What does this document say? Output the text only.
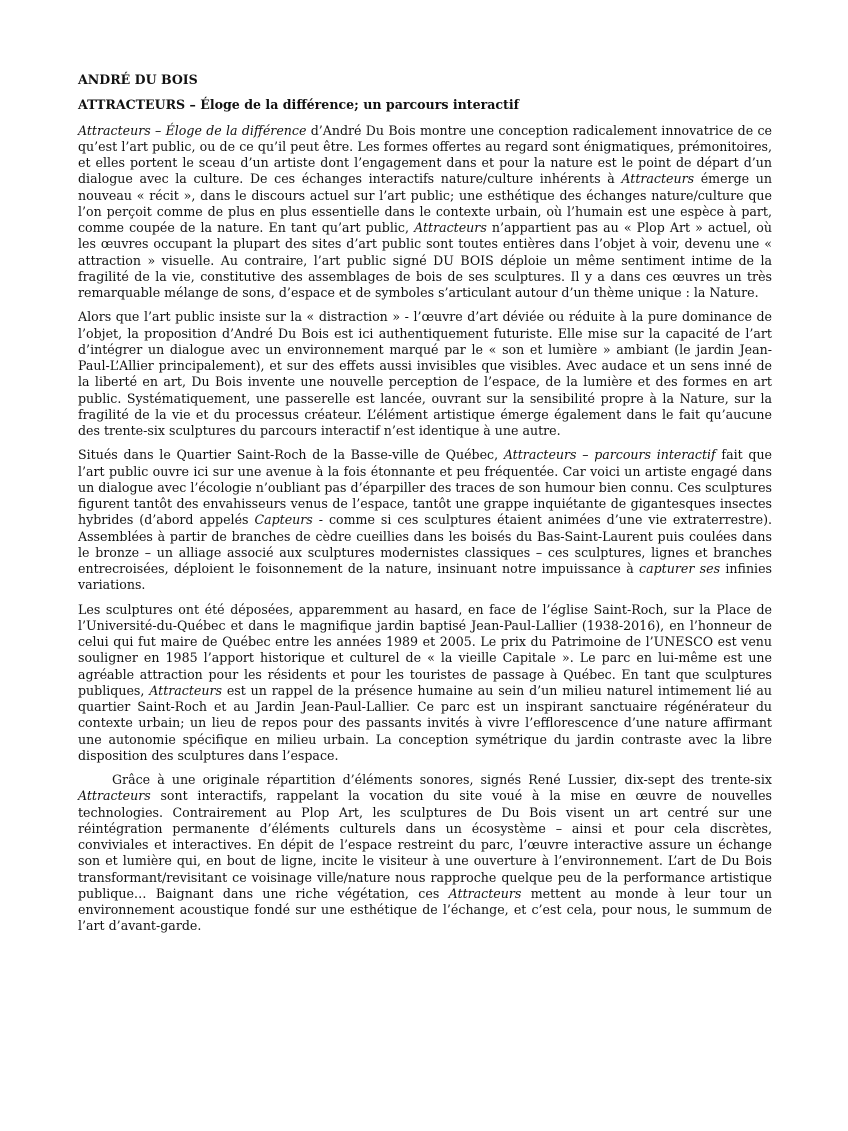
ANDRÉ DU BOIS
ATTRACTEURS – Éloge de la différence; un parcours interactif

Attracteurs – Éloge de la différence d’André Du Bois montre une conception radicalement innovatrice de ce qu’est l’art public, ou de ce qu’il peut être. Les formes offertes au regard sont énigmatiques, prémonitoires, et elles portent le sceau d’un artiste dont l’engagement dans et pour la nature est le point de départ d’un dialogue avec la culture. De ces échanges interactifs nature/culture inhérents à Attracteurs émerge un nouveau « récit », dans le discours actuel sur l’art public; une esthétique des échanges nature/culture que l’on perçoit comme de plus en plus essentielle dans le contexte urbain, où l’humain est une espèce à part, comme coupée de la nature. En tant qu’art public, Attracteurs n’appartient pas au « Plop Art » actuel, où les œuvres occupant la plupart des sites d’art public sont toutes entières dans l’objet à voir, devenu une « attraction » visuelle. Au contraire, l’art public signé DU BOIS déploie un même sentiment intime de la fragilité de la vie, constitutive des assemblages de bois de ses sculptures. Il y a dans ces œuvres un très remarquable mélange de sons, d’espace et de symboles s’articulant autour d’un thème unique : la Nature.

Alors que l’art public insiste sur la « distraction » - l’œuvre d’art déviée ou réduite à la pure dominance de l’objet, la proposition d’André Du Bois est ici authentiquement futuriste. Elle mise sur la capacité de l’art d’intégrer un dialogue avec un environnement marqué par le « son et lumière » ambiant (le jardin Jean-Paul-L’Allier principalement), et sur des effets aussi invisibles que visibles. Avec audace et un sens inné de la liberté en art, Du Bois invente une nouvelle perception de l’espace, de la lumière et des formes en art public. Systématiquement, une passerelle est lancée, ouvrant sur la sensibilité propre à la Nature, sur la fragilité de la vie et du processus créateur. L’élément artistique émerge également dans le fait qu’aucune des trente-six sculptures du parcours interactif n’est identique à une autre.

Situés dans le Quartier Saint-Roch de la Basse-ville de Québec, Attracteurs – parcours interactif fait que l’art public ouvre ici sur une avenue à la fois étonnante et peu fréquentée. Car voici un artiste engagé dans un dialogue avec l’écologie n’oubliant pas d’éparpiller des traces de son humour bien connu. Ces sculptures figurent tantôt des envahisseurs venus de l’espace, tantôt une grappe inquiétante de gigantesques insectes hybrides (d’abord appelés Capteurs - comme si ces sculptures étaient animées d’une vie extraterrestre). Assemblées à partir de branches de cèdre cueillies dans les boisés du Bas-Saint-Laurent puis coulées dans le bronze – un alliage associé aux sculptures modernistes classiques – ces sculptures, lignes et branches entrecroisées, déploient le foisonnement de la nature, insinuant notre impuissance à capturer ses infinies variations.

Les sculptures ont été déposées, apparemment au hasard, en face de l’église Saint-Roch, sur la Place de l’Université-du-Québec et dans le magnifique jardin baptisé Jean-Paul-Lallier (1938-2016), en l’honneur de celui qui fut maire de Québec entre les années 1989 et 2005. Le prix du Patrimoine de l’UNESCO est venu souligner en 1985 l’apport historique et culturel de « la vieille Capitale ». Le parc en lui-même est une agréable attraction pour les résidents et pour les touristes de passage à Québec. En tant que sculptures publiques, Attracteurs est un rappel de la présence humaine au sein d’un milieu naturel intimement lié au quartier Saint-Roch et au Jardin Jean-Paul-Lallier. Ce parc est un inspirant sanctuaire régénérateur du contexte urbain; un lieu de repos pour des passants invités à vivre l’efflorescence d’une nature affirmant une autonomie spécifique en milieu urbain. La conception symétrique du jardin contraste avec la libre disposition des sculptures dans l’espace.

Grâce à une originale répartition d’éléments sonores, signés René Lussier, dix-sept des trente-six Attracteurs sont interactifs, rappelant la vocation du site voué à la mise en œuvre de nouvelles technologies. Contrairement au Plop Art, les sculptures de Du Bois visent un art centré sur une réintégration permanente d’éléments culturels dans un écosystème – ainsi et pour cela discrètes, conviviales et interactives. En dépit de l’espace restreint du parc, l’œuvre interactive assure un échange son et lumière qui, en bout de ligne, incite le visiteur à une ouverture à l’environnement. L’art de Du Bois transformant/revisitant ce voisinage ville/nature nous rapproche quelque peu de la performance artistique publique… Baignant dans une riche végétation, ces Attracteurs mettent au monde à leur tour un environnement acoustique fondé sur une esthétique de l’échange, et c’est cela, pour nous, le summum de l’art d’avant-garde.
